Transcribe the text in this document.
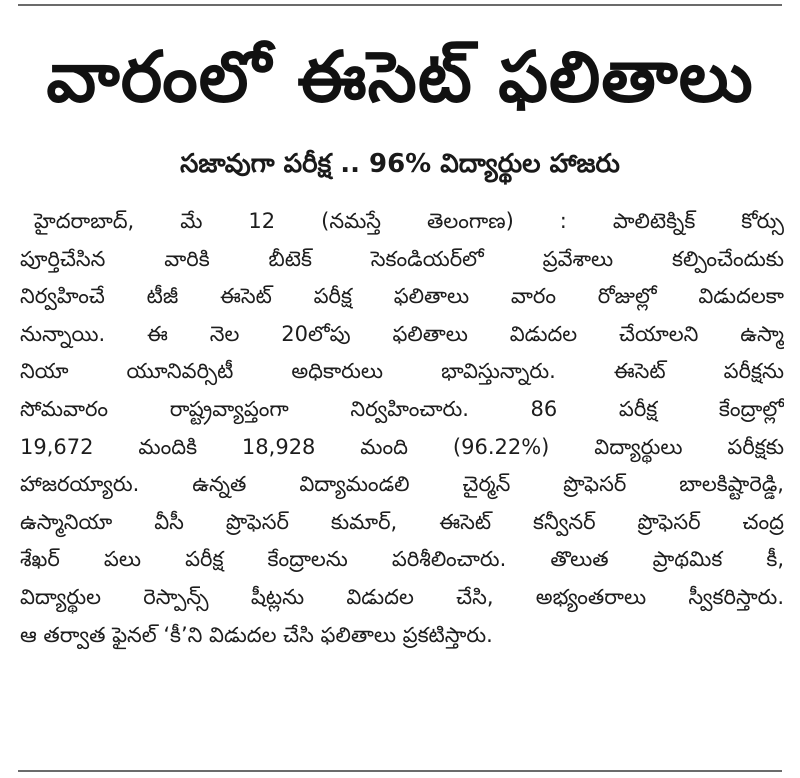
వారంలో ఈసెట్‌ ఫలితాలు
సజావుగా పరీక్ష .. 96% విద్యార్థుల హాజరు
హైదరాబాద్‌, మే 12 (నమస్తే తెలంగాణ) : పాలిటెక్నిక్‌ కోర్సు
పూర్తిచేసిన వారికి బీటెక్‌ సెకండియర్‌లో ప్రవేశాలు కల్పించేందుకు
నిర్వహించే టీజీ ఈసెట్‌ పరీక్ష ఫలితాలు వారం రోజుల్లో విడుదలకా
నున్నాయి. ఈ నెల 20లోపు ఫలితాలు విడుదల చేయాలని ఉస్మా
నియా యూనివర్సిటీ అధికారులు భావిస్తున్నారు. ఈసెట్‌ పరీక్షను
సోమవారం రాష్ట్రవ్యాప్తంగా నిర్వహించారు. 86 పరీక్ష కేంద్రాల్లో
19,672 మందికి 18,928 మంది (96.22%) విద్యార్థులు పరీక్షకు
హాజరయ్యారు. ఉన్నత విద్యామండలి చైర్మన్‌ ప్రొఫెసర్‌ బాలకిష్టారెడ్డి,
ఉస్మానియా వీసీ ప్రొఫెసర్‌ కుమార్‌, ఈసెట్‌ కన్వీనర్‌ ప్రొఫెసర్‌ చంద్ర
శేఖర్‌ పలు పరీక్ష కేంద్రాలను పరిశీలించారు. తొలుత ప్రాథమిక కీ,
విద్యార్థుల రెస్పాన్స్‌ షీట్లను విడుదల చేసి, అభ్యంతరాలు స్వీకరిస్తారు.
ఆ తర్వాత ఫైనల్‌ ‘కీ’ని విడుదల చేసి ఫలితాలు ప్రకటిస్తారు.
